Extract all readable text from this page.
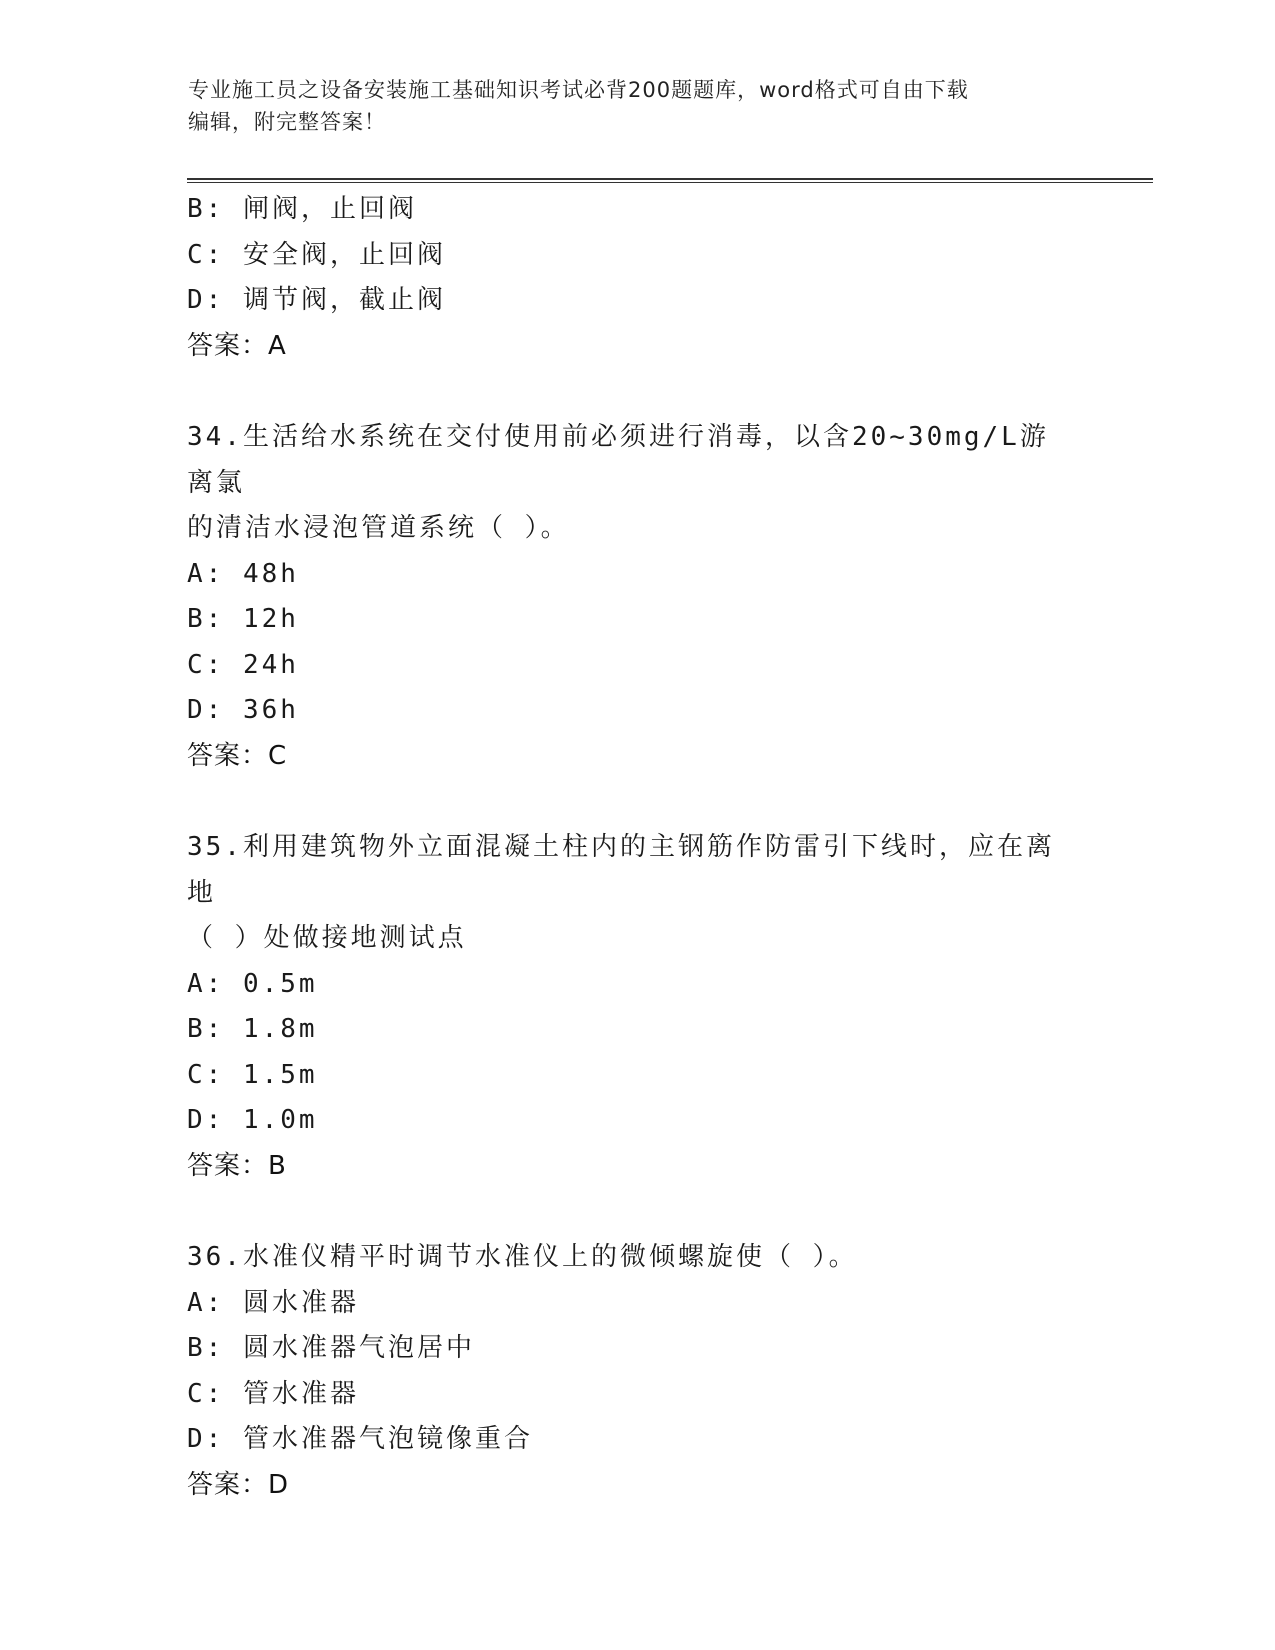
专业施工员之设备安装施工基础知识考试必背200题题库，word格式可自由下载
编辑，附完整答案！
B: 闸阀，止回阀
C: 安全阀，止回阀
D: 调节阀，截止阀
答案：A
34.生活给水系统在交付使用前必须进行消毒，以含20~30mg/L游离氯
的清洁水浸泡管道系统（ ）。
A: 48h
B: 12h
C: 24h
D: 36h
答案：C
35.利用建筑物外立面混凝土柱内的主钢筋作防雷引下线时，应在离地
（ ）处做接地测试点
A: 0.5m
B: 1.8m
C: 1.5m
D: 1.0m
答案：B
36.水准仪精平时调节水准仪上的微倾螺旋使（ ）。
A: 圆水准器
B: 圆水准器气泡居中
C: 管水准器
D: 管水准器气泡镜像重合
答案：D
